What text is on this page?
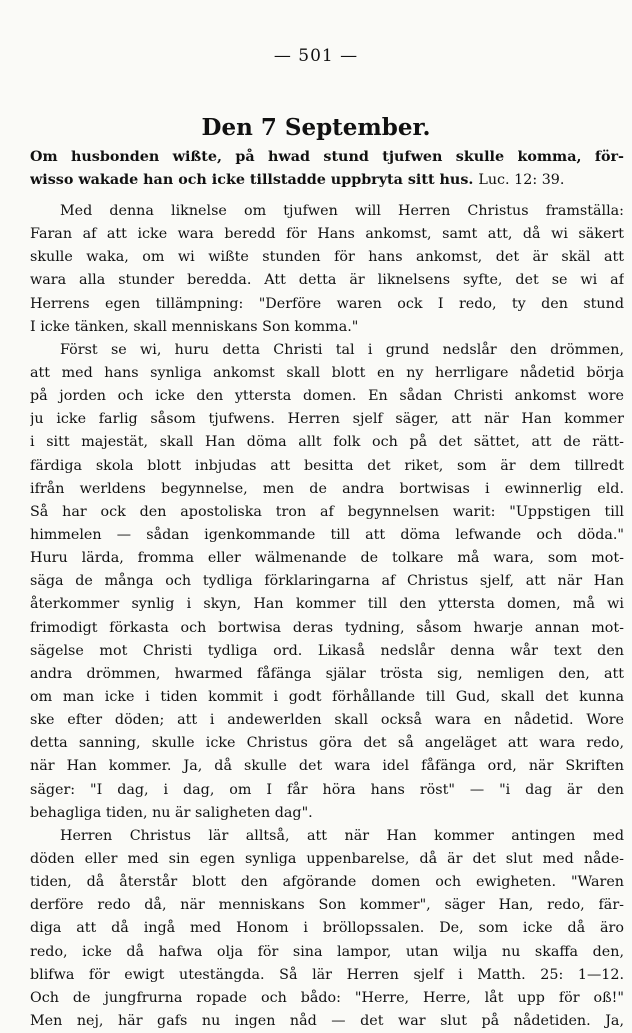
— 501 —
Den 7 September.
Om husbonden wißte, på hwad stund tjufwen skulle komma, för-
wisso wakade han och icke tillstadde uppbryta sitt hus. Luc. 12: 39.
Med denna liknelse om tjufwen will Herren Christus framställa:
Faran af att icke wara beredd för Hans ankomst, samt att, då wi säkert
skulle waka, om wi wißte stunden för hans ankomst, det är skäl att
wara alla stunder beredda. Att detta är liknelsens syfte, det se wi af
Herrens egen tillämpning: "Derföre waren ock I redo, ty den stund
I icke tänken, skall menniskans Son komma."
Först se wi, huru detta Christi tal i grund nedslår den drömmen,
att med hans synliga ankomst skall blott en ny herrligare nådetid börja
på jorden och icke den yttersta domen. En sådan Christi ankomst wore
ju icke farlig såsom tjufwens. Herren sjelf säger, att när Han kommer
i sitt majestät, skall Han döma allt folk och på det sättet, att de rätt-
färdiga skola blott inbjudas att besitta det riket, som är dem tillredt
ifrån werldens begynnelse, men de andra bortwisas i ewinnerlig eld.
Så har ock den apostoliska tron af begynnelsen warit: "Uppstigen till
himmelen — sådan igenkommande till att döma lefwande och döda."
Huru lärda, fromma eller wälmenande de tolkare må wara, som mot-
säga de många och tydliga förklaringarna af Christus sjelf, att när Han
återkommer synlig i skyn, Han kommer till den yttersta domen, må wi
frimodigt förkasta och bortwisa deras tydning, såsom hwarje annan mot-
sägelse mot Christi tydliga ord. Likaså nedslår denna wår text den
andra drömmen, hwarmed fåfänga själar trösta sig, nemligen den, att
om man icke i tiden kommit i godt förhållande till Gud, skall det kunna
ske efter döden; att i andewerlden skall också wara en nådetid. Wore
detta sanning, skulle icke Christus göra det så angeläget att wara redo,
när Han kommer. Ja, då skulle det wara idel fåfänga ord, när Skriften
säger: "I dag, i dag, om I får höra hans röst" — "i dag är den
behagliga tiden, nu är saligheten dag".
Herren Christus lär alltså, att när Han kommer antingen med
döden eller med sin egen synliga uppenbarelse, då är det slut med nåde-
tiden, då återstår blott den afgörande domen och ewigheten. "Waren
derföre redo då, när menniskans Son kommer", säger Han, redo, fär-
diga att då ingå med Honom i bröllopssalen. De, som icke då äro
redo, icke då hafwa olja för sina lampor, utan wilja nu skaffa den,
blifwa för ewigt utestängda. Så lär Herren sjelf i Matth. 25: 1—12.
Och de jungfrurna ropade och bådo: "Herre, Herre, låt upp för oß!"
Men nej, här gafs nu ingen nåd — det war slut på nådetiden. Ja,
